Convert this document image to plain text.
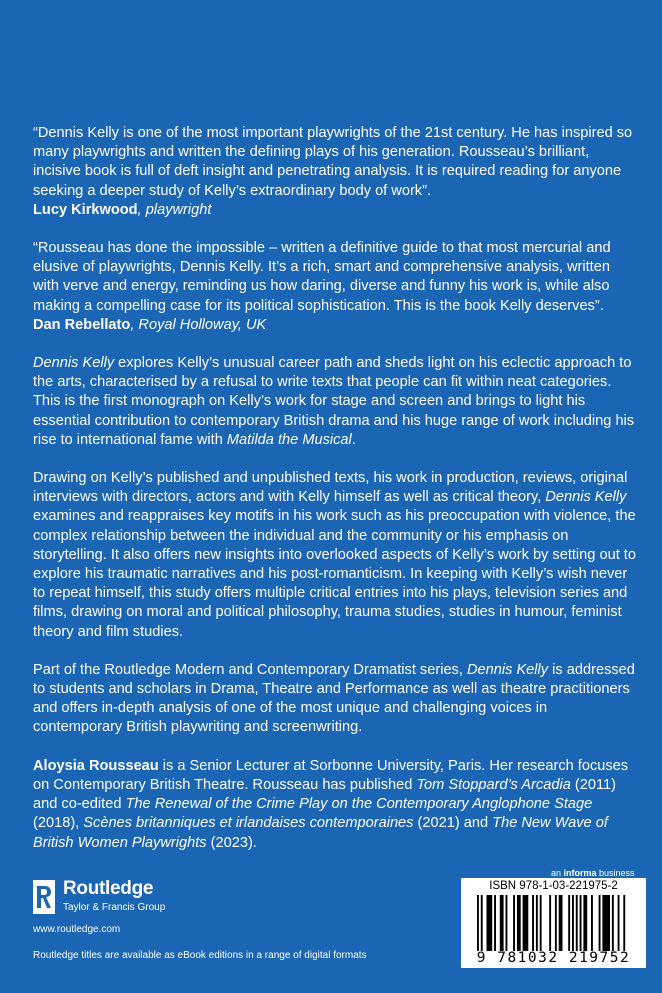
“Dennis Kelly is one of the most important playwrights of the 21st century. He has inspired so many playwrights and written the defining plays of his generation. Rousseau’s brilliant, incisive book is full of deft insight and penetrating analysis. It is required reading for anyone seeking a deeper study of Kelly’s extraordinary body of work”.
Lucy Kirkwood, playwright

“Rousseau has done the impossible – written a definitive guide to that most mercurial and elusive of playwrights, Dennis Kelly. It’s a rich, smart and comprehensive analysis, written with verve and energy, reminding us how daring, diverse and funny his work is, while also making a compelling case for its political sophistication. This is the book Kelly deserves”.
Dan Rebellato, Royal Holloway, UK

Dennis Kelly explores Kelly’s unusual career path and sheds light on his eclectic approach to the arts, characterised by a refusal to write texts that people can fit within neat categories. This is the first monograph on Kelly’s work for stage and screen and brings to light his essential contribution to contemporary British drama and his huge range of work including his rise to international fame with Matilda the Musical.

Drawing on Kelly’s published and unpublished texts, his work in production, reviews, original interviews with directors, actors and with Kelly himself as well as critical theory, Dennis Kelly examines and reappraises key motifs in his work such as his preoccupation with violence, the complex relationship between the individual and the community or his emphasis on storytelling. It also offers new insights into overlooked aspects of Kelly’s work by setting out to explore his traumatic narratives and his post-romanticism. In keeping with Kelly’s wish never to repeat himself, this study offers multiple critical entries into his plays, television series and films, drawing on moral and political philosophy, trauma studies, studies in humour, feminist theory and film studies.

Part of the Routledge Modern and Contemporary Dramatist series, Dennis Kelly is addressed to students and scholars in Drama, Theatre and Performance as well as theatre practitioners and offers in-depth analysis of one of the most unique and challenging voices in contemporary British playwriting and screenwriting.

Aloysia Rousseau is a Senior Lecturer at Sorbonne University, Paris. Her research focuses on Contemporary British Theatre. Rousseau has published Tom Stoppard’s Arcadia (2011) and co-edited The Renewal of the Crime Play on the Contemporary Anglophone Stage (2018), Scènes britanniques et irlandaises contemporaines (2021) and The New Wave of British Women Playwrights (2023).

Routledge
Taylor & Francis Group
www.routledge.com
Routledge titles are available as eBook editions in a range of digital formats
an informa business
ISBN 978-1-03-221975-2
9 781032 219752
